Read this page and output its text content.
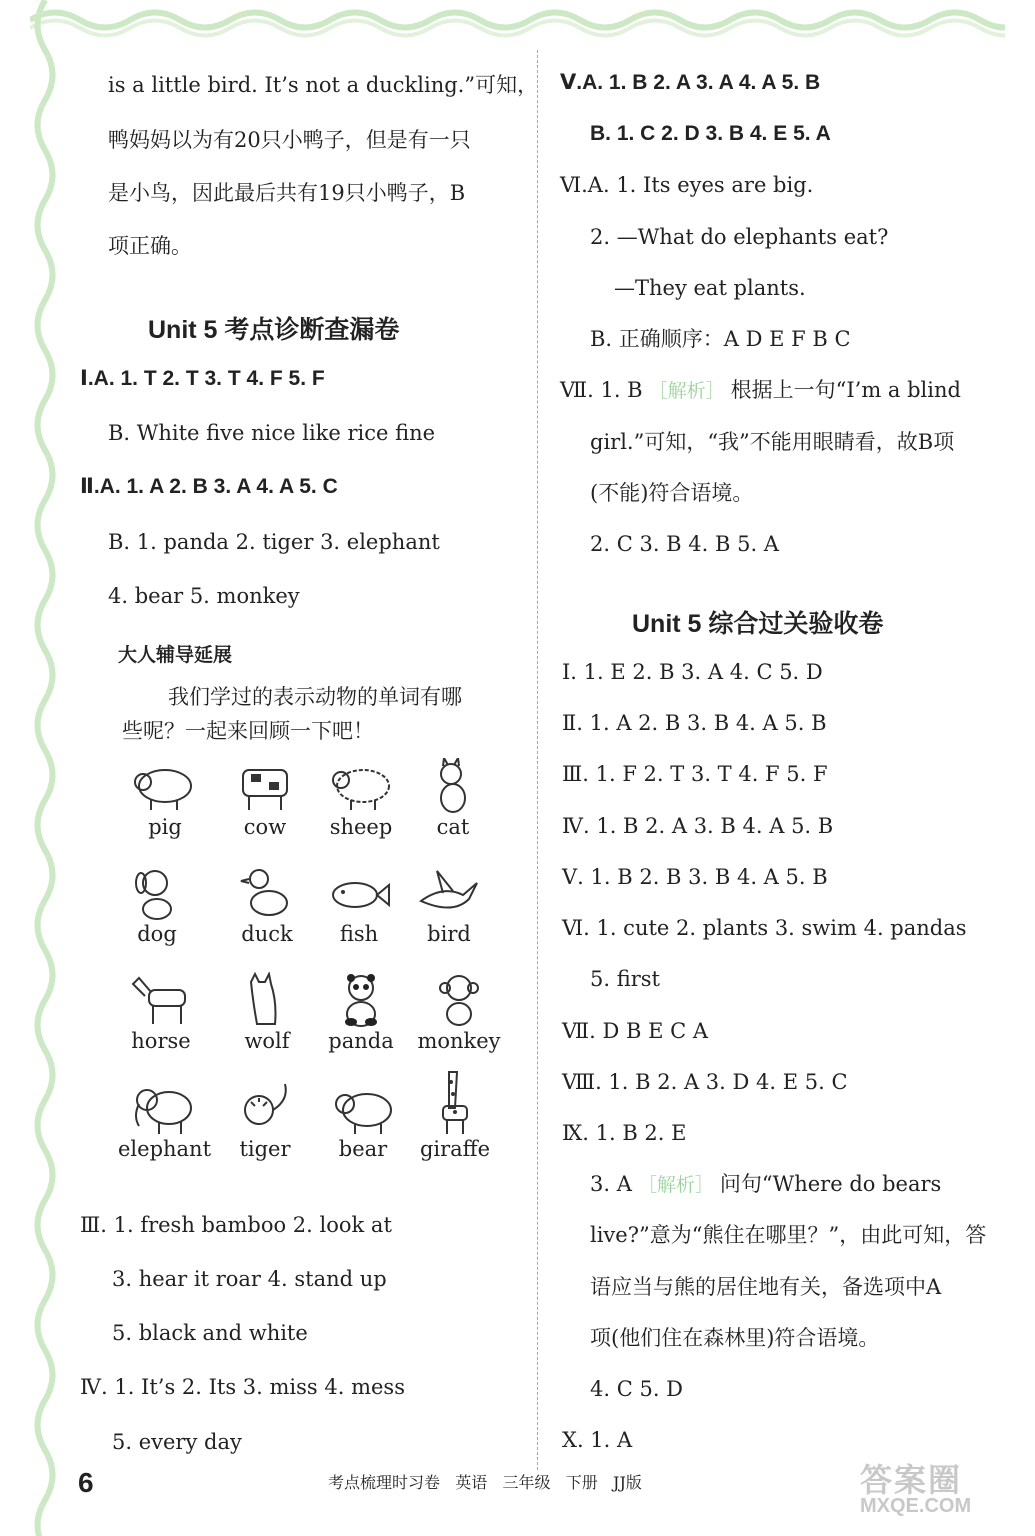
is a little bird. It’s not a duckling.”可知，
鸭妈妈以为有20只小鸭子，但是有一只
是小鸟，因此最后共有19只小鸭子，B
项正确。
Unit 5 考点诊断查漏卷
Ⅰ.A. 1. T 2. T 3. T 4. F 5. F
B. White five nice like rice fine
Ⅱ.A. 1. A 2. B 3. A 4. A 5. C
B. 1. panda 2. tiger 3. elephant
4. bear 5. monkey
大人辅导延展
我们学过的表示动物的单词有哪
些呢？一起来回顾一下吧！
pig	cow	sheep	cat
dog	duck	fish	bird
horse	wolf	panda	monkey
elephant	tiger	bear	giraffe
Ⅲ. 1. fresh bamboo 2. look at
3. hear it roar 4. stand up
5. black and white
Ⅳ. 1. It’s 2. Its 3. miss 4. mess
5. every day
Ⅴ.A. 1. B 2. A 3. A 4. A 5. B
B. 1. C 2. D 3. B 4. E 5. A
Ⅵ.A. 1. Its eyes are big.
2. —What do elephants eat?
—They eat plants.
B. 正确顺序：A D E F B C
Ⅶ. 1. B ［解析］ 根据上一句“I’m a blind
girl.”可知，“我”不能用眼睛看，故B项
(不能)符合语境。
2. C 3. B 4. B 5. A
Unit 5 综合过关验收卷
Ⅰ. 1. E 2. B 3. A 4. C 5. D
Ⅱ. 1. A 2. B 3. B 4. A 5. B
Ⅲ. 1. F 2. T 3. T 4. F 5. F
Ⅳ. 1. B 2. A 3. B 4. A 5. B
Ⅴ. 1. B 2. B 3. B 4. A 5. B
Ⅵ. 1. cute 2. plants 3. swim 4. pandas
5. first
Ⅶ. D B E C A
Ⅷ. 1. B 2. A 3. D 4. E 5. C
Ⅸ. 1. B 2. E
3. A ［解析］ 问句“Where do bears
live?”意为“熊住在哪里？”，由此可知，答
语应当与熊的居住地有关，备选项中A
项(他们住在森林里)符合语境。
4. C 5. D
Ⅹ. 1. A
6	考点梳理时习卷   英语   三年级   下册   JJ版	答案圈
MXQE.COM
